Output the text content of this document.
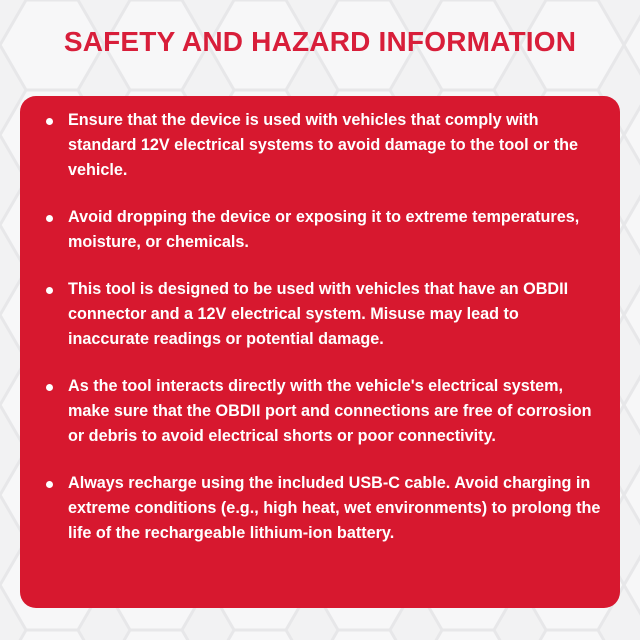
SAFETY AND HAZARD INFORMATION
Ensure that the device is used with vehicles that comply with standard 12V electrical systems to avoid damage to the tool or the vehicle.
Avoid dropping the device or exposing it to extreme temperatures, moisture, or chemicals.
This tool is designed to be used with vehicles that have an OBDII connector and a 12V electrical system. Misuse may lead to inaccurate readings or potential damage.
As the tool interacts directly with the vehicle's electrical system, make sure that the OBDII port and connections are free of corrosion or debris to avoid electrical shorts or poor connectivity.
Always recharge using the included USB-C cable. Avoid charging in extreme conditions (e.g., high heat, wet environments) to prolong the life of the rechargeable lithium-ion battery.
